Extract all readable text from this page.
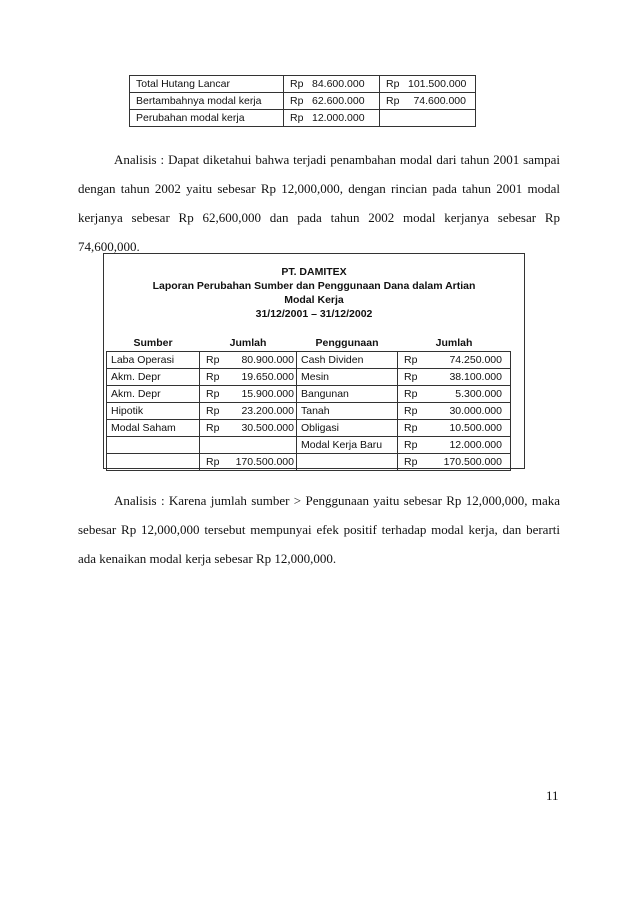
Total Hutang Lancar	Rp 84.600.000	Rp 101.500.000
Bertambahnya modal kerja	Rp 62.600.000	Rp 74.600.000
Perubahan modal kerja	Rp 12.000.000	

Analisis : Dapat diketahui bahwa terjadi penambahan modal dari tahun 2001 sampai dengan tahun 2002 yaitu sebesar Rp 12,000,000, dengan rincian pada tahun 2001 modal kerjanya sebesar Rp 62,600,000 dan pada tahun 2002 modal kerjanya sebesar Rp 74,600,000.

PT. DAMITEX
Laporan Perubahan Sumber dan Penggunaan Dana dalam Artian
Modal Kerja
31/12/2001 – 31/12/2002
Sumber	Jumlah	Penggunaan	Jumlah
Laba Operasi	Rp 80.900.000	Cash Dividen	Rp 74.250.000
Akm. Depr	Rp 19.650.000	Mesin	Rp 38.100.000
Akm. Depr	Rp 15.900.000	Bangunan	Rp 5.300.000
Hipotik	Rp 23.200.000	Tanah	Rp 30.000.000
Modal Saham	Rp 30.500.000	Obligasi	Rp 10.500.000
		Modal Kerja Baru	Rp 12.000.000
	Rp 170.500.000		Rp 170.500.000

Analisis : Karena jumlah sumber > Penggunaan yaitu sebesar Rp 12,000,000, maka sebesar Rp 12,000,000 tersebut mempunyai efek positif terhadap modal kerja, dan berarti ada kenaikan modal kerja sebesar Rp 12,000,000.

11
